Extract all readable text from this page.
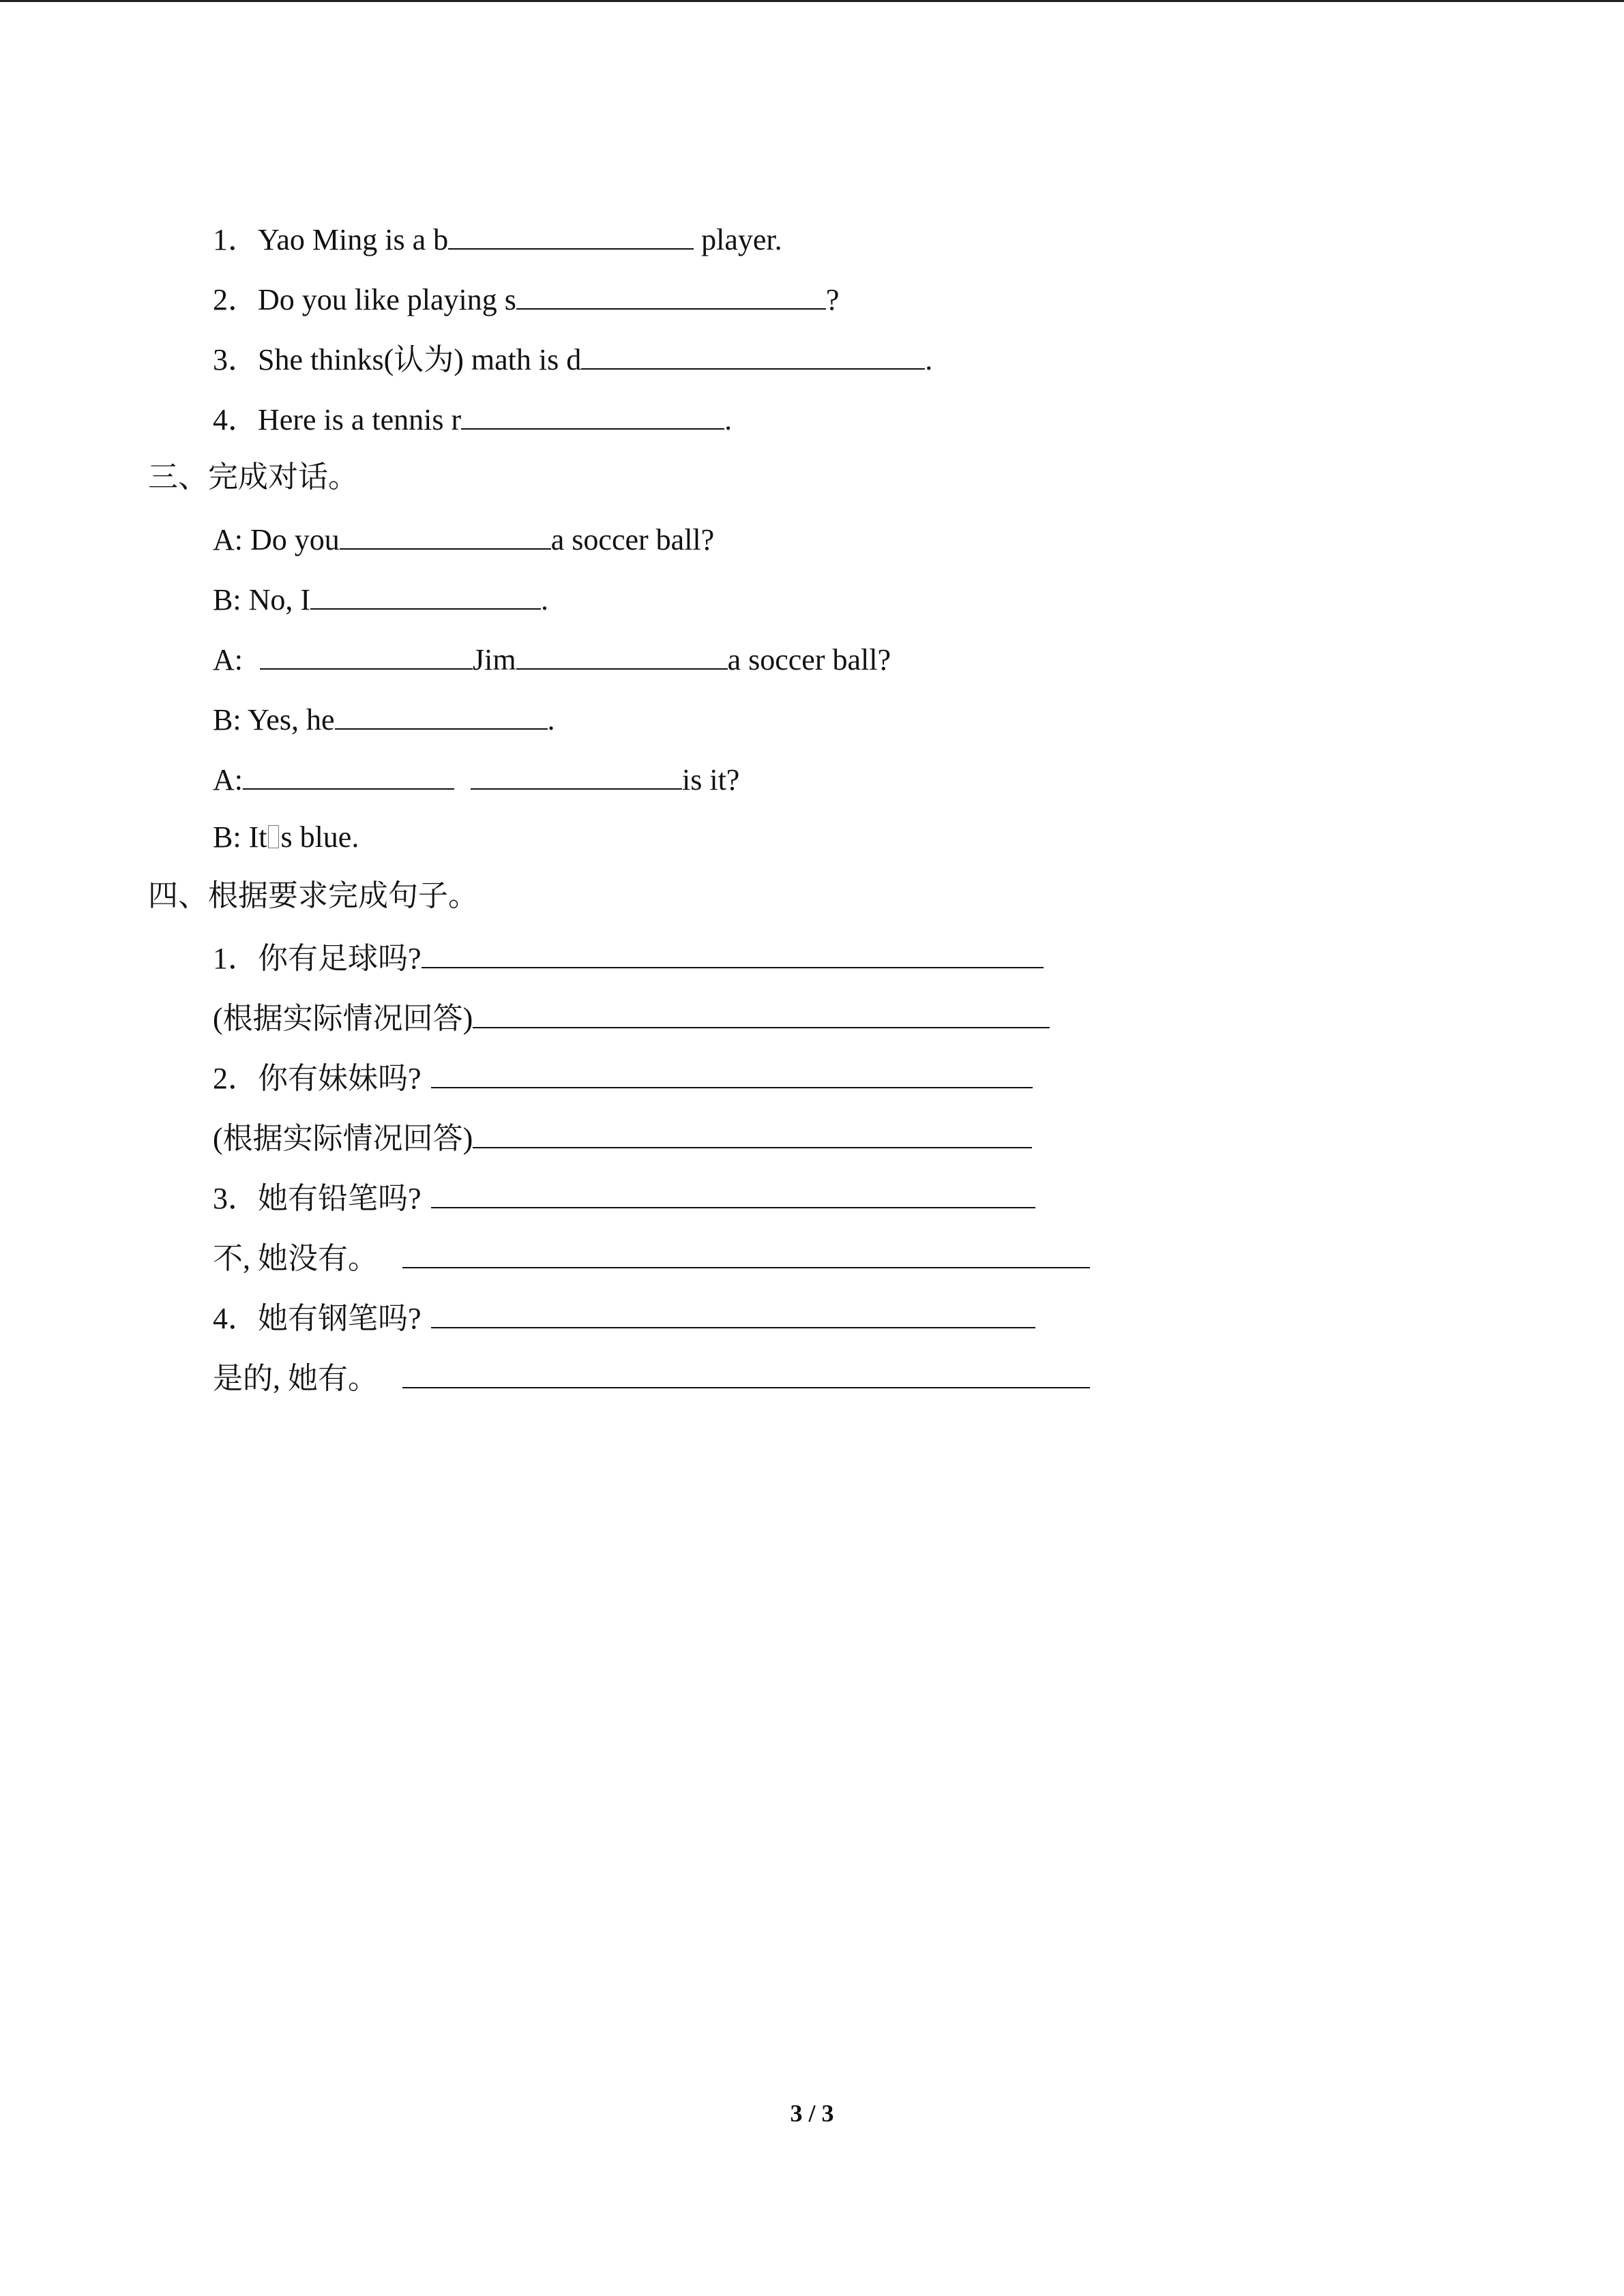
1．Yao Ming is a b	player.
2．Do you like playing s	?
3．She thinks(认为) math is d	.
4．Here is a tennis r	.
三、完成对话。
A: Do you	a soccer ball?
B: No, I	.
A:	Jim	a soccer ball?
B: Yes, he	.
A:	is it?
B: It s blue.
四、根据要求完成句子。
1．你有足球吗?
(根据实际情况回答)
2．你有妹妹吗?
(根据实际情况回答)
3．她有铅笔吗?
不, 她没有。
4．她有钢笔吗?
是的, 她有。
3 / 3
